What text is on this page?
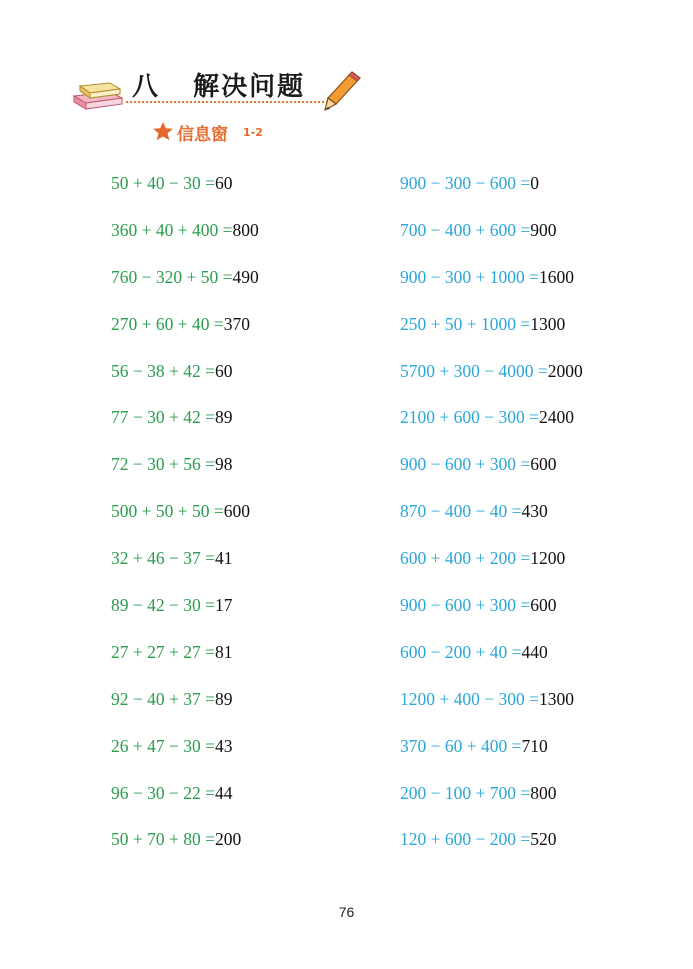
八   解决问题
信息窗 1-2
50 + 40 − 30 =60
360 + 40 + 400 =800
760 − 320 + 50 =490
270 + 60 + 40 =370
56 − 38 + 42 =60
77 − 30 + 42 =89
72 − 30 + 56 =98
500 + 50 + 50 =600
32 + 46 − 37 =41
89 − 42 − 30 =17
27 + 27 + 27 =81
92 − 40 + 37 =89
26 + 47 − 30 =43
96 − 30 − 22 =44
50 + 70 + 80 =200
900 − 300 − 600 =0
700 − 400 + 600 =900
900 − 300 + 1000 =1600
250 + 50 + 1000 =1300
5700 + 300 − 4000 =2000
2100 + 600 − 300 =2400
900 − 600 + 300 =600
870 − 400 − 40 =430
600 + 400 + 200 =1200
900 − 600 + 300 =600
600 − 200 + 40 =440
1200 + 400 − 300 =1300
370 − 60 + 400 =710
200 − 100 + 700 =800
120 + 600 − 200 =520
76
